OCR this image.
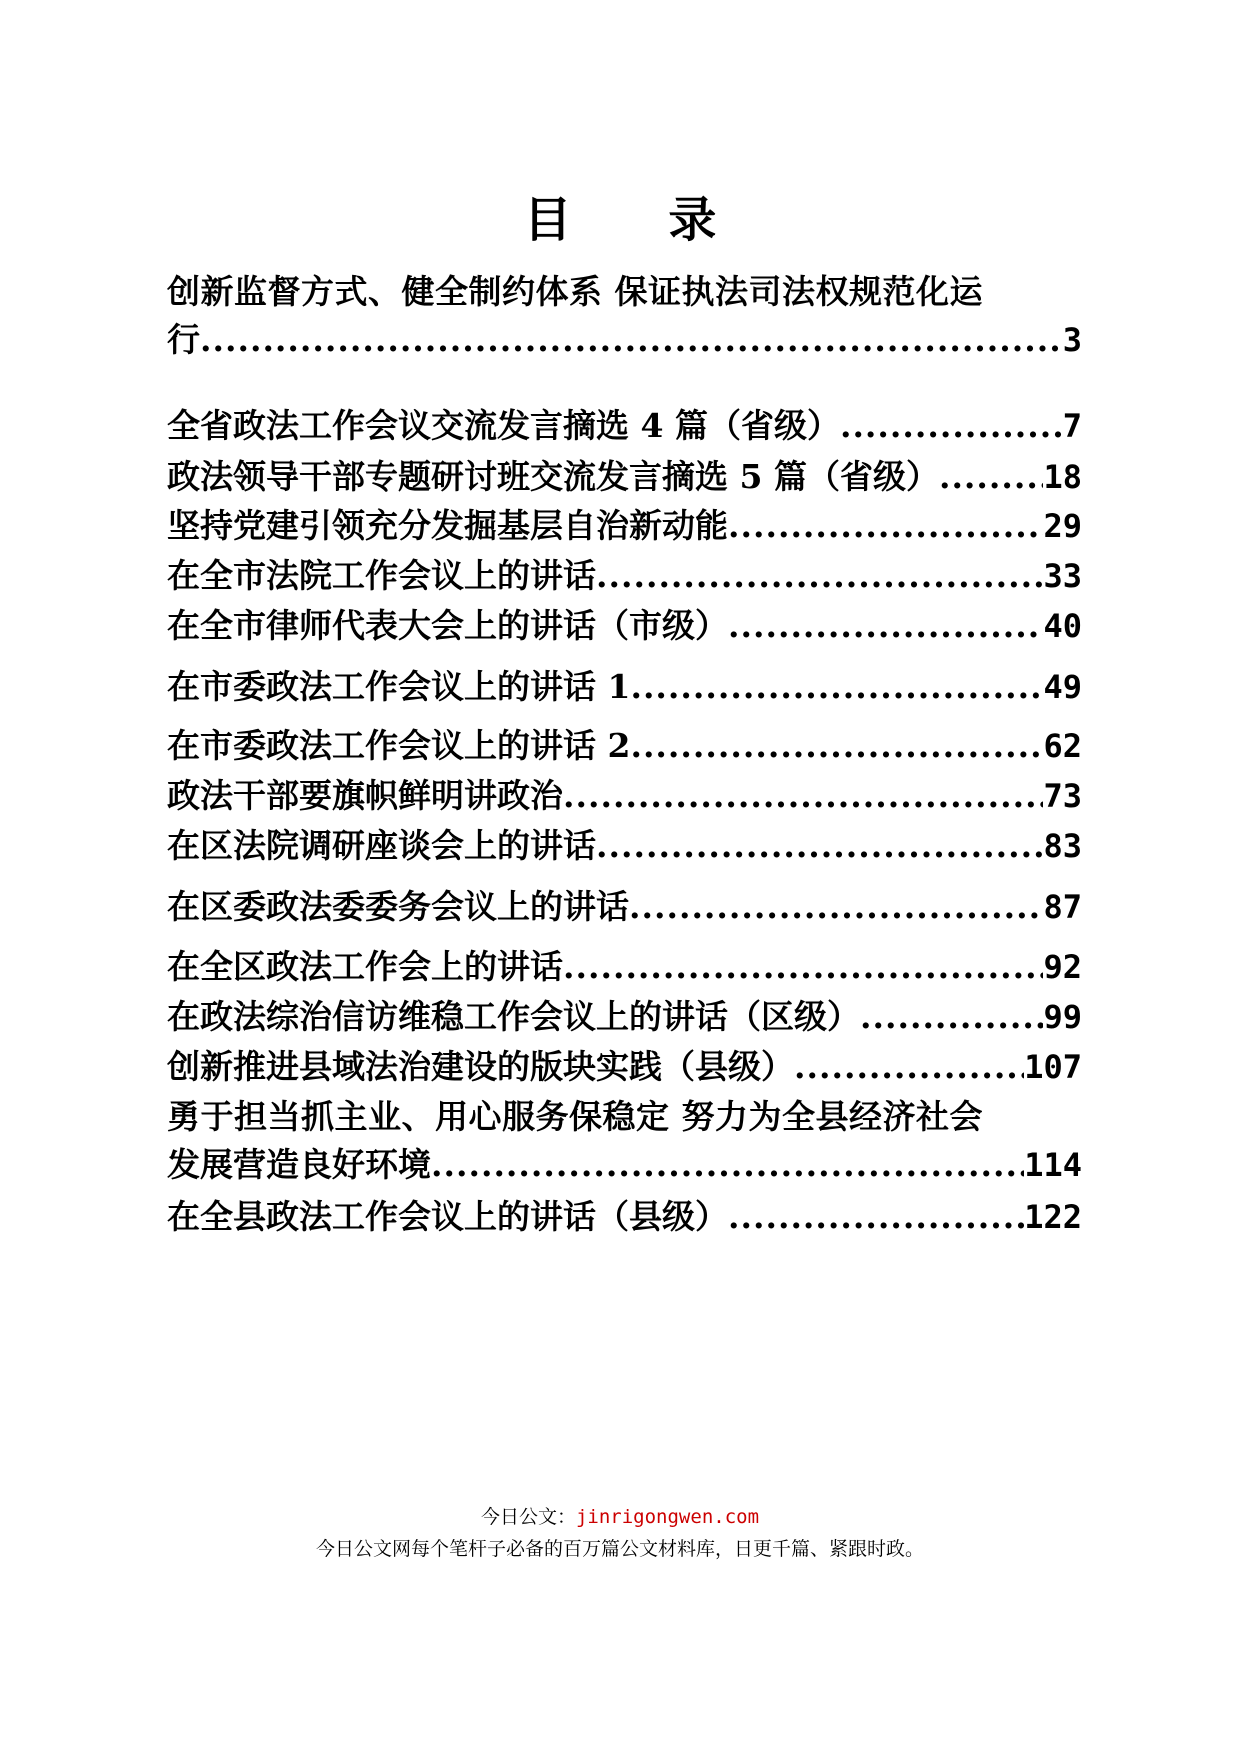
目 录
创新监督方式、健全制约体系 保证执法司法权规范化运
行 .....	3
全省政法工作会议交流发言摘选 4 篇（省级） .....	7
政法领导干部专题研讨班交流发言摘选 5 篇（省级） .....	18
坚持党建引领充分发掘基层自治新动能 .....	29
在全市法院工作会议上的讲话 .....	33
在全市律师代表大会上的讲话（市级） .....	40
在市委政法工作会议上的讲话 1 .....	49
在市委政法工作会议上的讲话 2 .....	62
政法干部要旗帜鲜明讲政治 .....	73
在区法院调研座谈会上的讲话 .....	83
在区委政法委委务会议上的讲话 .....	87
在全区政法工作会上的讲话 .....	92
在政法综治信访维稳工作会议上的讲话（区级） .....	99
创新推进县域法治建设的版块实践（县级） .....	107
勇于担当抓主业、用心服务保稳定 努力为全县经济社会
发展营造良好环境 .....	114
在全县政法工作会议上的讲话（县级） .....	122
今日公文：jinrigongwen.com
今日公文网每个笔杆子必备的百万篇公文材料库，日更千篇、紧跟时政。
